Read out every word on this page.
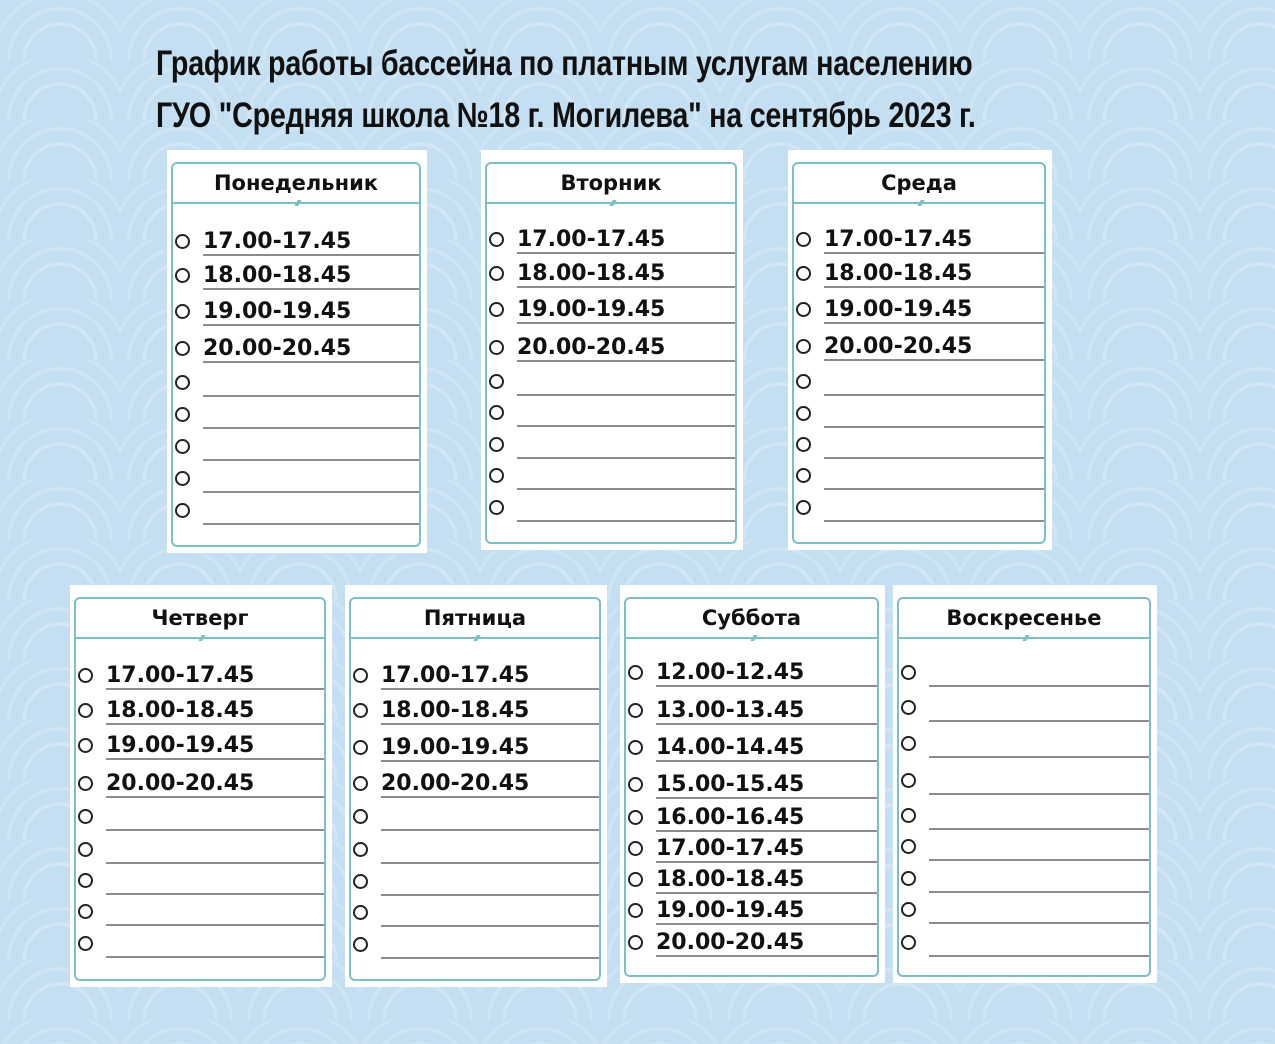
График работы бассейна по платным услугам населению
ГУО "Средняя школа №18 г. Могилева" на сентябрь 2023 г.
Понедельник
17.00-17.45
18.00-18.45
19.00-19.45
20.00-20.45
Вторник
17.00-17.45
18.00-18.45
19.00-19.45
20.00-20.45
Среда
17.00-17.45
18.00-18.45
19.00-19.45
20.00-20.45
Четверг
17.00-17.45
18.00-18.45
19.00-19.45
20.00-20.45
Пятница
17.00-17.45
18.00-18.45
19.00-19.45
20.00-20.45
Суббота
12.00-12.45
13.00-13.45
14.00-14.45
15.00-15.45
16.00-16.45
17.00-17.45
18.00-18.45
19.00-19.45
20.00-20.45
Воскресенье
